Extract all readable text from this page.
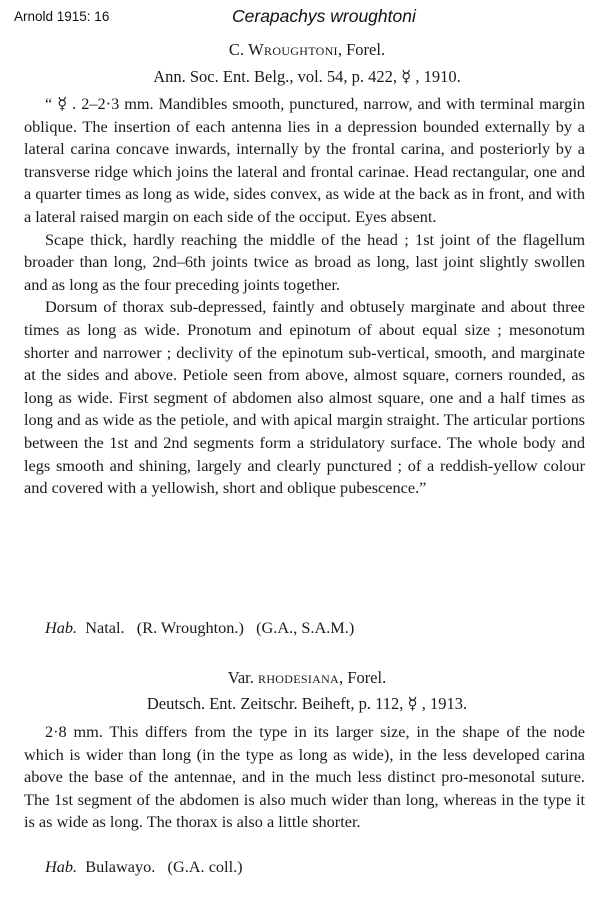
Arnold 1915: 16	Cerapachys wroughtoni
C. Wroughtoni, Forel.
Ann. Soc. Ent. Belg., vol. 54, p. 422, ☿ , 1910.

“ ☿ . 2–2·3 mm. Mandibles smooth, punctured, narrow, and with terminal margin oblique. The insertion of each antenna lies in a depression bounded externally by a lateral carina concave inwards, internally by the frontal carina, and posteriorly by a transverse ridge which joins the lateral and frontal carinae. Head rectangular, one and a quarter times as long as wide, sides convex, as wide at the back as in front, and with a lateral raised margin on each side of the occiput. Eyes absent.

Scape thick, hardly reaching the middle of the head ; 1st joint of the flagellum broader than long, 2nd–6th joints twice as broad as long, last joint slightly swollen and as long as the four preceding joints together.

Dorsum of thorax sub-depressed, faintly and obtusely marginate and about three times as long as wide. Pronotum and epinotum of about equal size ; mesonotum shorter and narrower ; declivity of the epinotum sub-vertical, smooth, and marginate at the sides and above. Petiole seen from above, almost square, corners rounded, as long as wide. First segment of abdomen also almost square, one and a half times as long and as wide as the petiole, and with apical margin straight. The articular portions between the 1st and 2nd segments form a stridulatory surface. The whole body and legs smooth and shining, largely and clearly punctured ; of a reddish-yellow colour and covered with a yellowish, short and oblique pubescence.”

Hab.  Natal.   (R. Wroughton.)   (G.A., S.A.M.)
Var. rhodesiana, Forel.
Deutsch. Ent. Zeitschr. Beiheft, p. 112, ☿ , 1913.

2·8 mm. This differs from the type in its larger size, in the shape of the node which is wider than long (in the type as long as wide), in the less developed carina above the base of the antennae, and in the much less distinct pro-mesonotal suture. The 1st segment of the abdomen is also much wider than long, whereas in the type it is as wide as long. The thorax is also a little shorter.

Hab.  Bulawayo.   (G.A. coll.)
